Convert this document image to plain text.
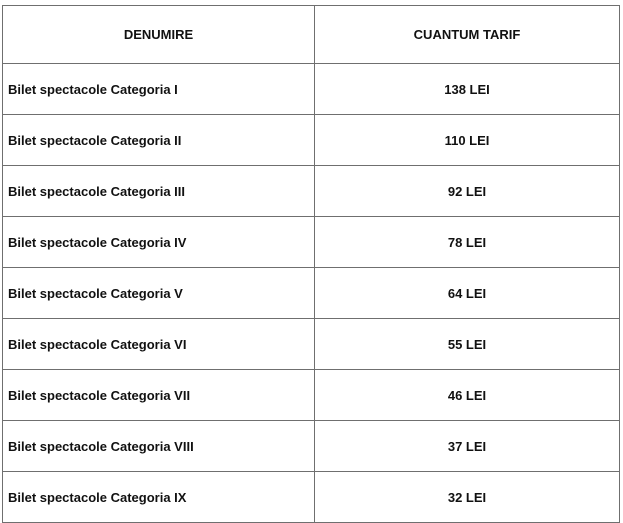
DENUMIRE	CUANTUM TARIF
Bilet spectacole Categoria I	138 LEI
Bilet spectacole Categoria II	110 LEI
Bilet spectacole Categoria III	92 LEI
Bilet spectacole Categoria IV	78 LEI
Bilet spectacole Categoria V	64 LEI
Bilet spectacole Categoria VI	55 LEI
Bilet spectacole Categoria VII	46 LEI
Bilet spectacole Categoria VIII	37 LEI
Bilet spectacole Categoria IX	32 LEI
